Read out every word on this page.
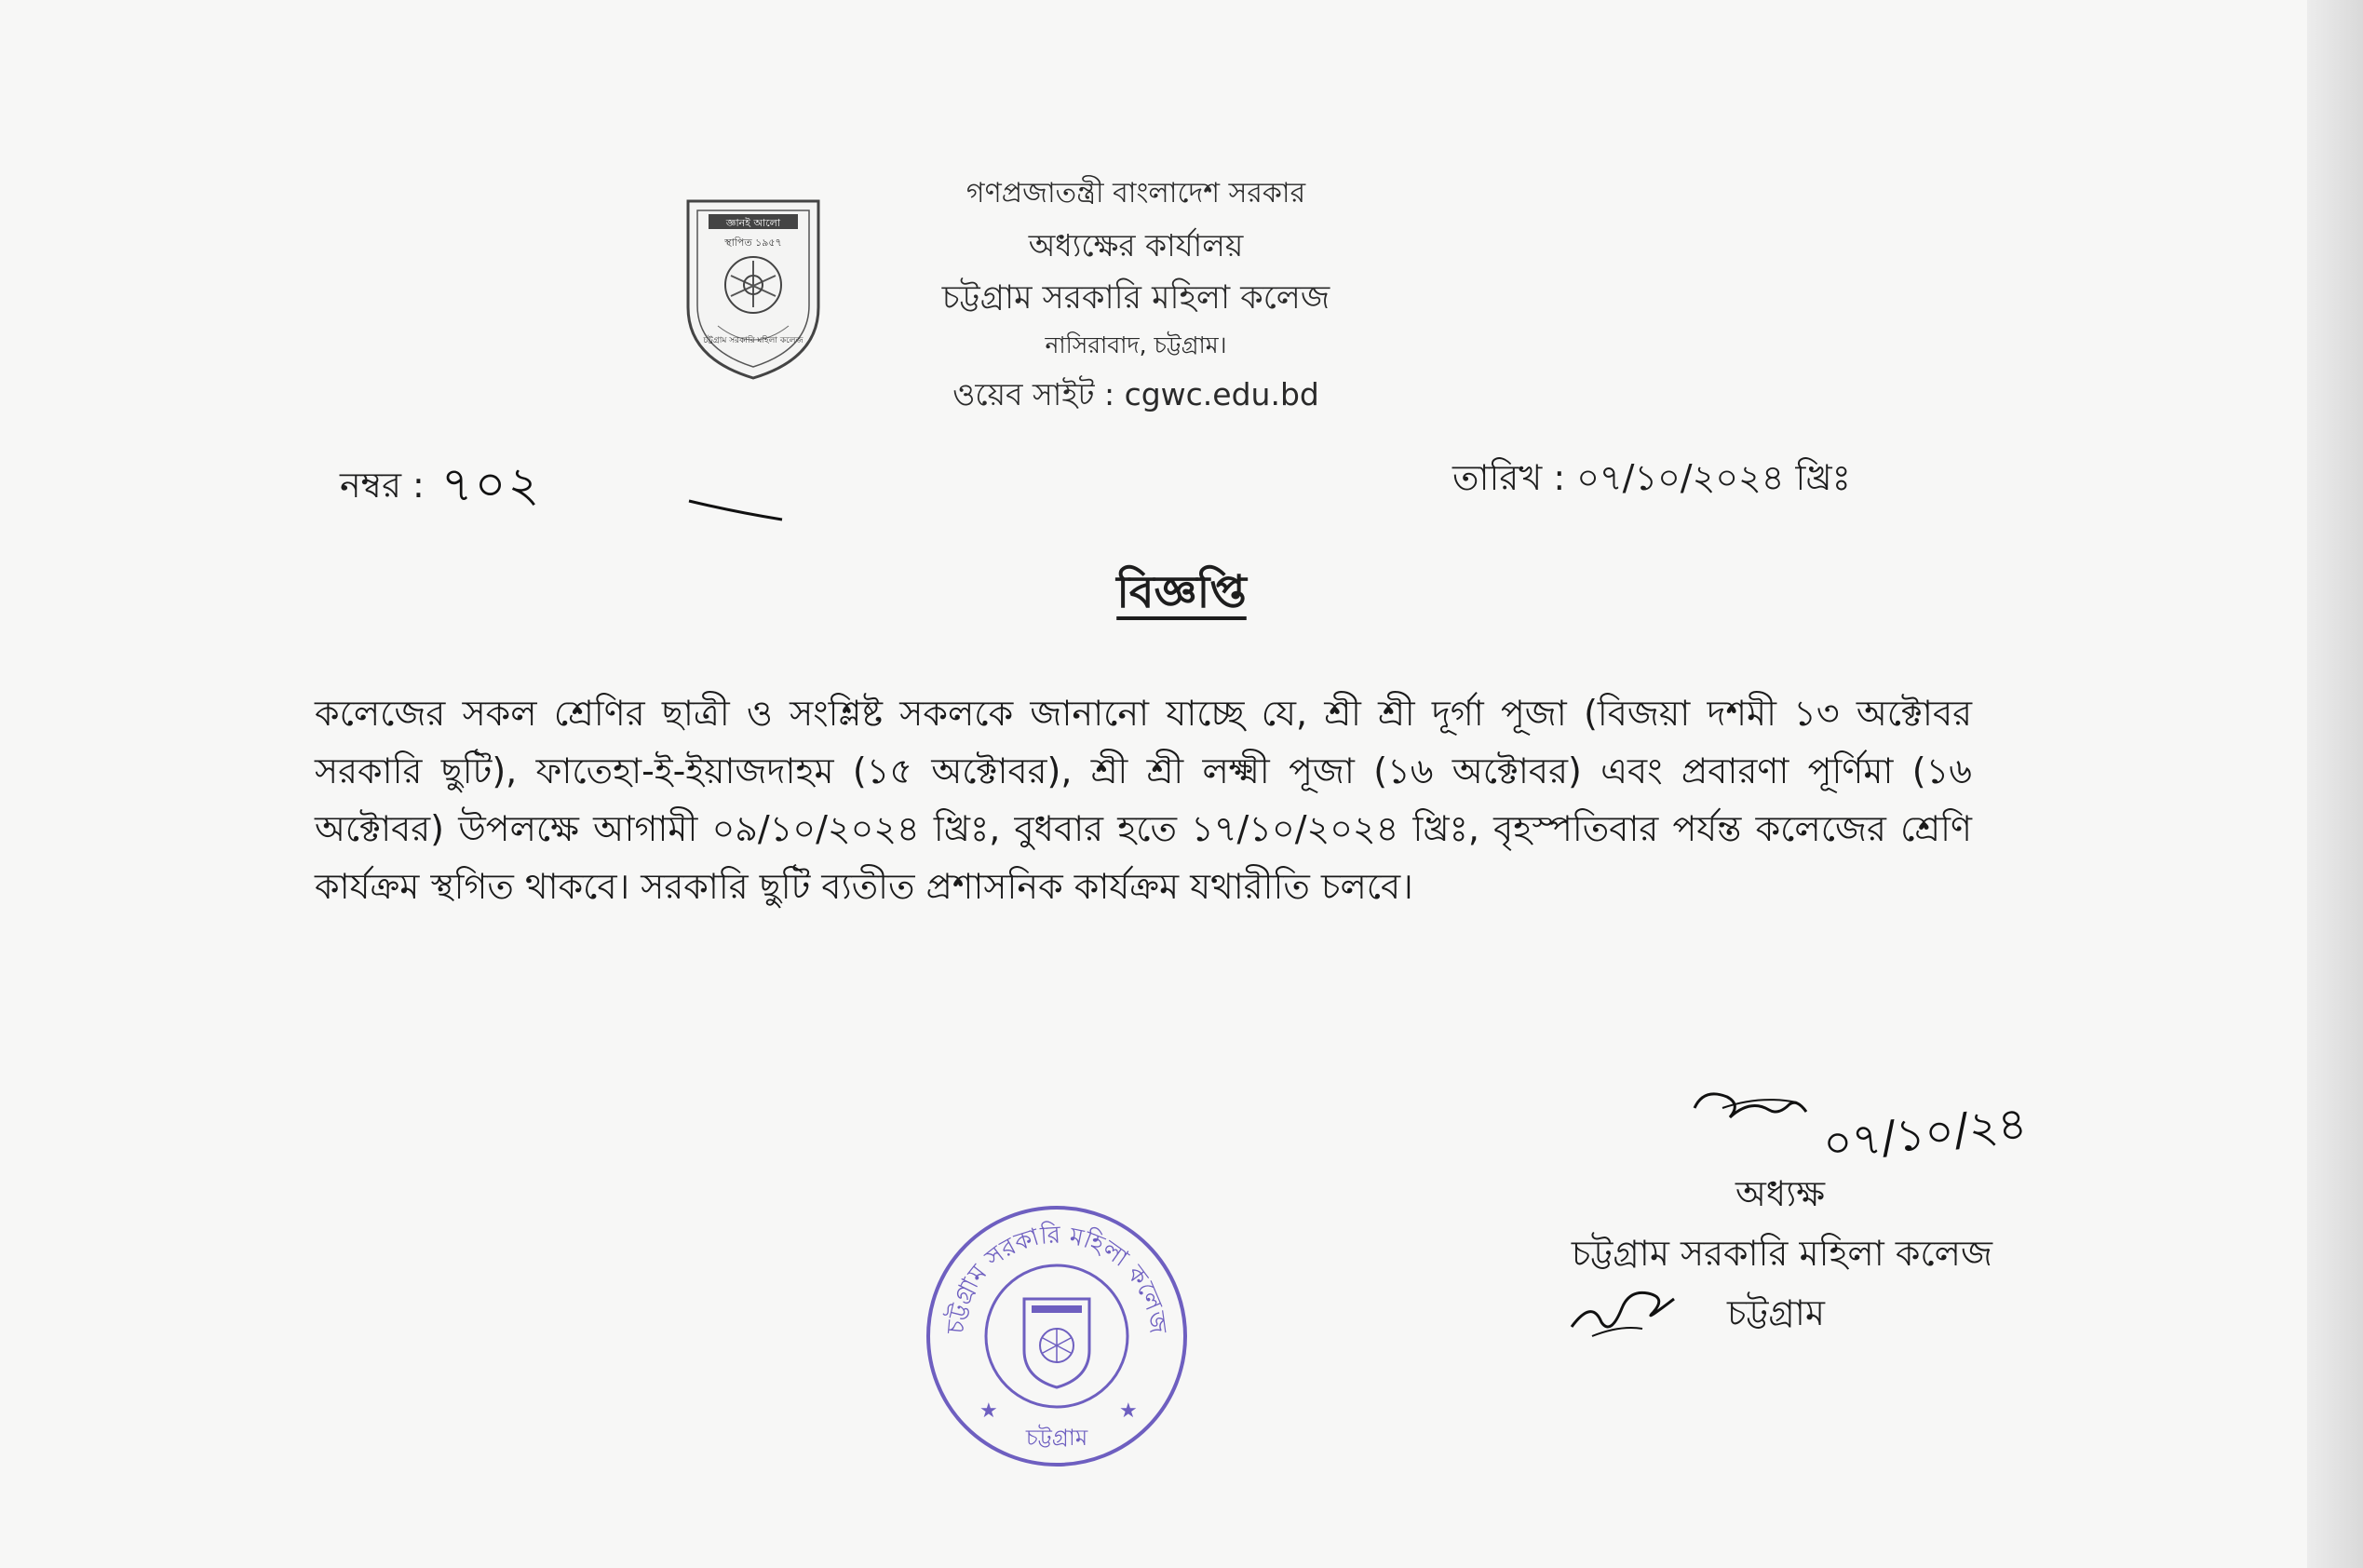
জ্ঞানই আলো
স্থাপিত ১৯৫৭
চট্টগ্রাম সরকারি মহিলা কলেজ
গণপ্রজাতন্ত্রী বাংলাদেশ সরকার
অধ্যক্ষের কার্যালয়
চট্টগ্রাম সরকারি মহিলা কলেজ
নাসিরাবাদ, চট্টগ্রাম।
ওয়েব সাইট : cgwc.edu.bd
নম্বর : ৭০২	তারিখ : ০৭/১০/২০২৪ খ্রিঃ
বিজ্ঞপ্তি
কলেজের সকল শ্রেণির ছাত্রী ও সংশ্লিষ্ট সকলকে জানানো যাচ্ছে যে, শ্রী শ্রী দূর্গা পূজা (বিজয়া দশমী ১৩ অক্টোবর সরকারি ছুটি), ফাতেহা-ই-ইয়াজদাহম (১৫ অক্টোবর), শ্রী শ্রী লক্ষ্মী পূজা (১৬ অক্টোবর) এবং প্রবারণা পূর্ণিমা (১৬ অক্টোবর) উপলক্ষে আগামী ০৯/১০/২০২৪ খ্রিঃ, বুধবার হতে ১৭/১০/২০২৪ খ্রিঃ, বৃহস্পতিবার পর্যন্ত কলেজের শ্রেণি কার্যক্রম স্থগিত থাকবে। সরকারি ছুটি ব্যতীত প্রশাসনিক কার্যক্রম যথারীতি চলবে।
০৭/১০/২৪
অধ্যক্ষ
চট্টগ্রাম সরকারি মহিলা কলেজ
চট্টগ্রাম
চট্টগ্রাম সরকারি মহিলা কলেজ
চট্টগ্রাম
★	★
